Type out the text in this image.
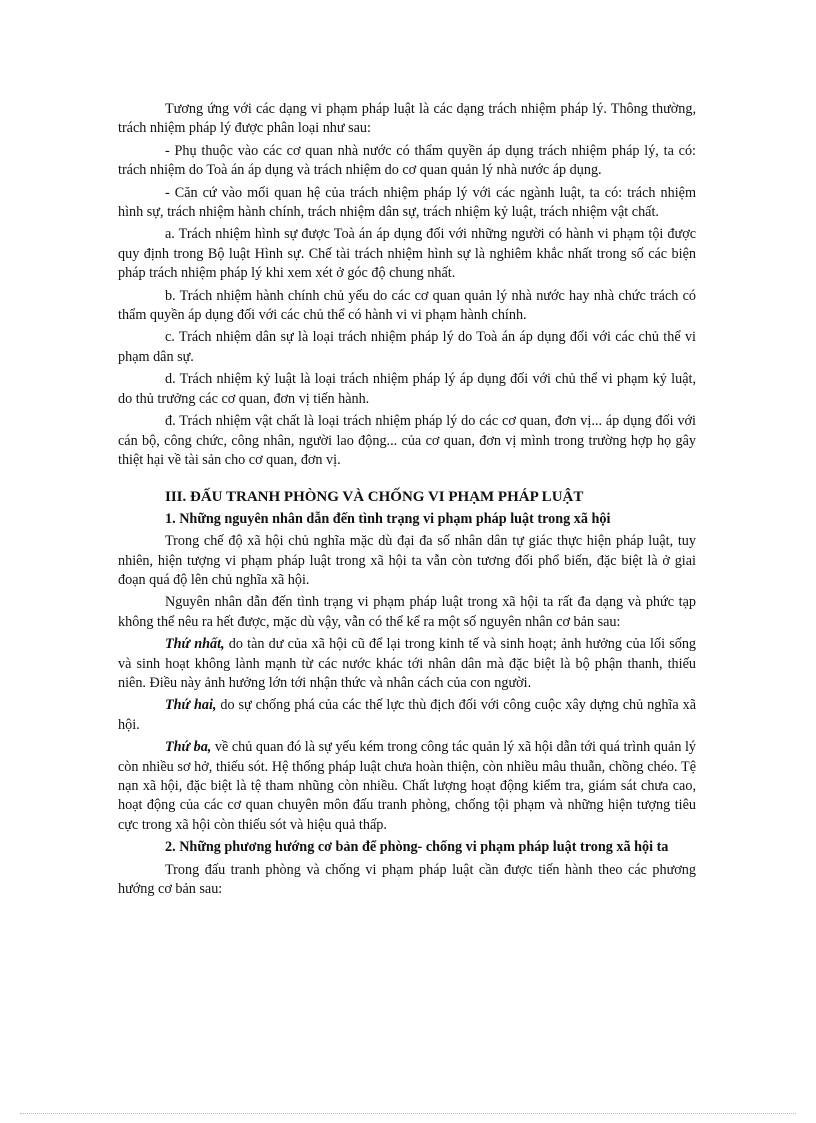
Tương ứng với các dạng vi phạm pháp luật là các dạng trách nhiệm pháp lý. Thông thường, trách nhiệm pháp lý được phân loại như sau:

- Phụ thuộc vào các cơ quan nhà nước có thẩm quyền áp dụng trách nhiệm pháp lý, ta có: trách nhiệm do Toà án áp dụng và trách nhiệm do cơ quan quản lý nhà nước áp dụng.

- Căn cứ vào mối quan hệ của trách nhiệm pháp lý với các ngành luật, ta có: trách nhiệm hình sự, trách nhiệm hành chính, trách nhiệm dân sự, trách nhiệm kỷ luật, trách nhiệm vật chất.

a. Trách nhiệm hình sự được Toà án áp dụng đối với những người có hành vi phạm tội được quy định trong Bộ luật Hình sự. Chế tài trách nhiệm hình sự là nghiêm khắc nhất trong số các biện pháp trách nhiệm pháp lý khi xem xét ở góc độ chung nhất.

b. Trách nhiệm hành chính chủ yếu do các cơ quan quản lý nhà nước hay nhà chức trách có thẩm quyền áp dụng đối với các chủ thể có hành vi vi phạm hành chính.

c. Trách nhiệm dân sự là loại trách nhiệm pháp lý do Toà án áp dụng đối với các chủ thể vi phạm dân sự.

d. Trách nhiệm kỷ luật là loại trách nhiệm pháp lý áp dụng đối với chủ thể vi phạm kỷ luật, do thủ trưởng các cơ quan, đơn vị tiến hành.

đ. Trách nhiệm vật chất là loại trách nhiệm pháp lý do các cơ quan, đơn vị... áp dụng đối với cán bộ, công chức, công nhân, người lao động... của cơ quan, đơn vị mình trong trường hợp họ gây thiệt hại về tài sản cho cơ quan, đơn vị.

III. ĐẤU TRANH PHÒNG VÀ CHỐNG VI PHẠM PHÁP LUẬT
1. Những nguyên nhân dẫn đến tình trạng vi phạm pháp luật trong xã hội

Trong chế độ xã hội chủ nghĩa mặc dù đại đa số nhân dân tự giác thực hiện pháp luật, tuy nhiên, hiện tượng vi phạm pháp luật trong xã hội ta vẫn còn tương đối phổ biến, đặc biệt là ở giai đoạn quá độ lên chủ nghĩa xã hội.

Nguyên nhân dẫn đến tình trạng vi phạm pháp luật trong xã hội ta rất đa dạng và phức tạp không thể nêu ra hết được, mặc dù vậy, vẫn có thể kể ra một số nguyên nhân cơ bản sau:

Thứ nhất, do tàn dư của xã hội cũ để lại trong kinh tế và sinh hoạt; ảnh hưởng của lối sống và sinh hoạt không lành mạnh từ các nước khác tới nhân dân mà đặc biệt là bộ phận thanh, thiếu niên. Điều này ảnh hưởng lớn tới nhận thức và nhân cách của con người.

Thứ hai, do sự chống phá của các thế lực thù địch đối với công cuộc xây dựng chủ nghĩa xã hội.

Thứ ba, về chủ quan đó là sự yếu kém trong công tác quản lý xã hội dẫn tới quá trình quản lý còn nhiều sơ hở, thiếu sót. Hệ thống pháp luật chưa hoàn thiện, còn nhiều mâu thuẫn, chồng chéo. Tệ nạn xã hội, đặc biệt là tệ tham nhũng còn nhiều. Chất lượng hoạt động kiểm tra, giám sát chưa cao, hoạt động của các cơ quan chuyên môn đấu tranh phòng, chống tội phạm và những hiện tượng tiêu cực trong xã hội còn thiếu sót và hiệu quả thấp.

2. Những phương hướng cơ bản để phòng- chống vi phạm pháp luật trong xã hội ta

Trong đấu tranh phòng và chống vi phạm pháp luật cần được tiến hành theo các phương hướng cơ bản sau:
